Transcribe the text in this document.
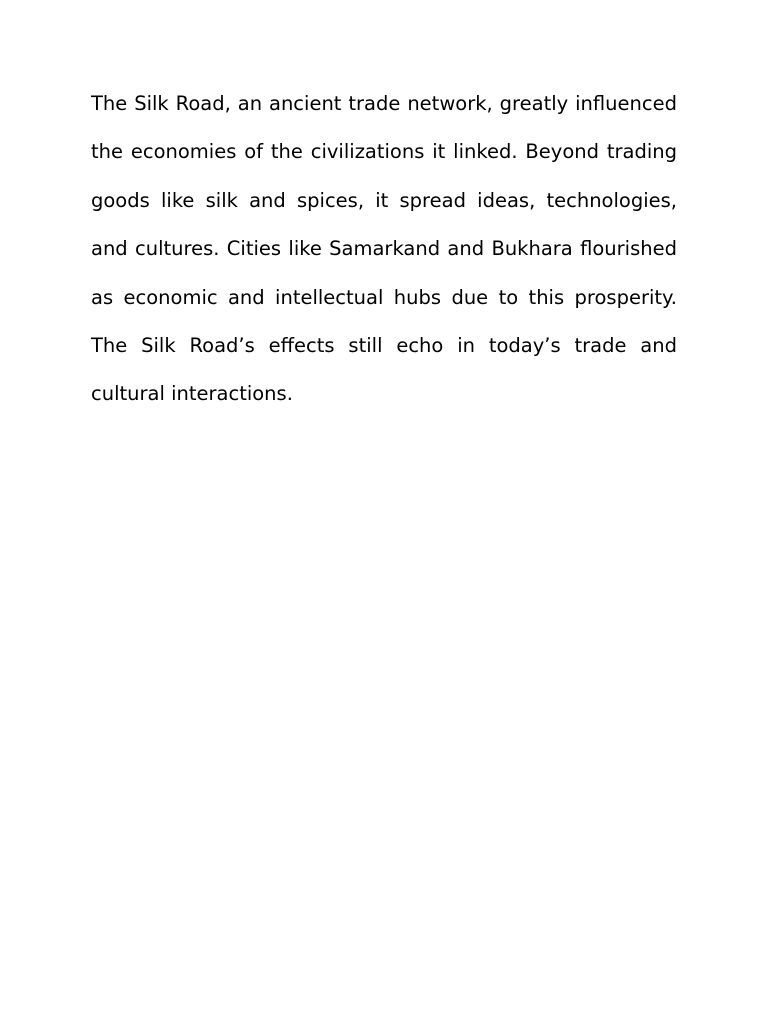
The Silk Road, an ancient trade network, greatly influenced the economies of the civilizations it linked. Beyond trading goods like silk and spices, it spread ideas, technologies, and cultures. Cities like Samarkand and Bukhara flourished as economic and intellectual hubs due to this prosperity. The Silk Road’s effects still echo in today’s trade and cultural interactions.
